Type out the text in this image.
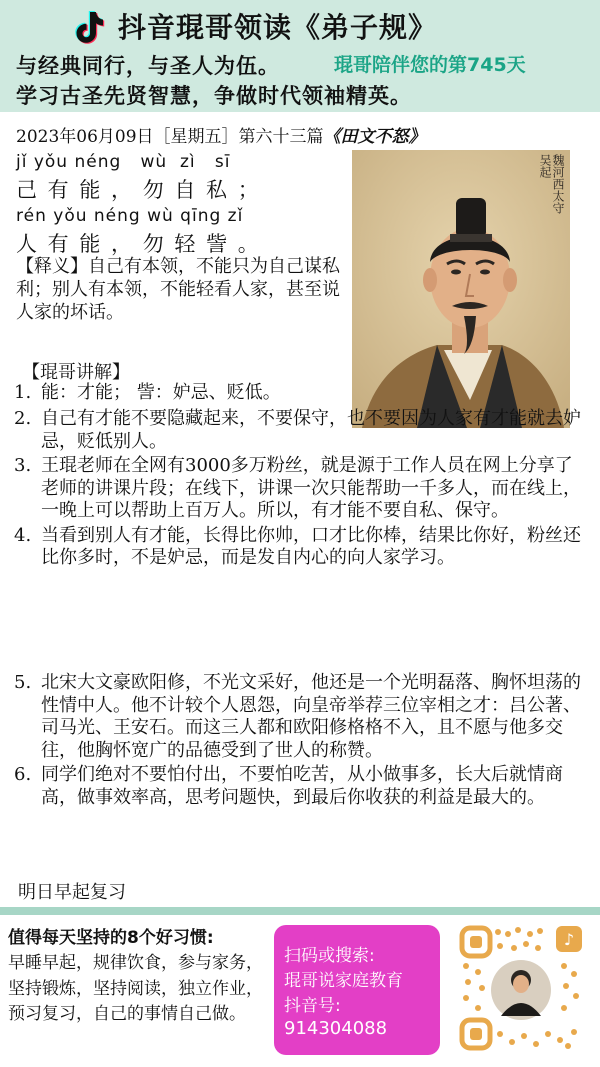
抖音琨哥领读《弟子规》
与经典同行，与圣人为伍。	琨哥陪伴您的第745天
学习古圣先贤智慧，争做时代领袖精英。
2023年06月09日［星期五］第六十三篇《田文不怒》
jǐ yǒu néng   wù  zì   sī
己 有 能 ， 勿 自 私 ；
rén yǒu néng wù qīng zǐ
人 有 能 ， 勿 轻 訾 。
【释义】自己有本领，不能只为自己谋私利；别人有本领，不能轻看人家，甚至说人家的坏话。
魏河西太守吴起
【琨哥讲解】
1. 能：才能； 訾：妒忌、贬低。
2. 自己有才能不要隐藏起来，不要保守，也不要因为人家有才能就去妒忌，贬低别人。
3. 王琨老师在全网有3000多万粉丝，就是源于工作人员在网上分享了老师的讲课片段；在线下，讲课一次只能帮助一千多人，而在线上，一晚上可以帮助上百万人。所以，有才能不要自私、保守。
4. 当看到别人有才能，长得比你帅，口才比你棒，结果比你好，粉丝还比你多时，不是妒忌，而是发自内心的向人家学习。
5. 北宋大文豪欧阳修，不光文采好，他还是一个光明磊落、胸怀坦荡的性情中人。他不计较个人恩怨，向皇帝举荐三位宰相之才：吕公著、司马光、王安石。而这三人都和欧阳修格格不入，且不愿与他多交往，他胸怀宽广的品德受到了世人的称赞。
6. 同学们绝对不要怕付出，不要怕吃苦，从小做事多，长大后就情商高，做事效率高，思考问题快，到最后你收获的利益是最大的。
明日早起复习
值得每天坚持的8个好习惯:
早睡早起，规律饮食，参与家务，坚持锻炼，坚持阅读，独立作业，预习复习，自己的事情自己做。
扫码或搜索:
琨哥说家庭教育
抖音号:
914304088
♪
